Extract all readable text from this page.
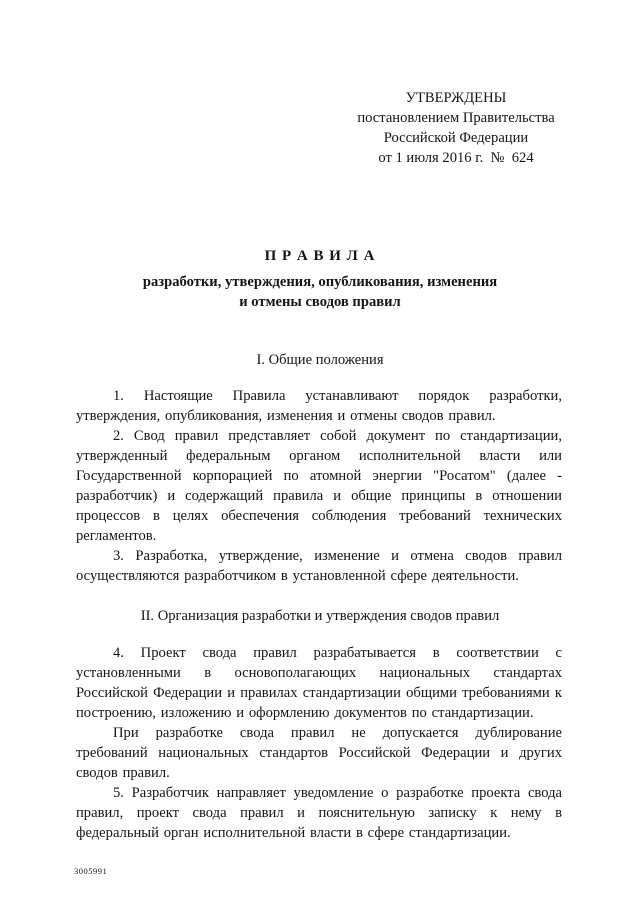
УТВЕРЖДЕНЫ
постановлением Правительства
Российской Федерации
от 1 июля 2016 г.  №  624
П Р А В И Л А
разработки, утверждения, опубликования, изменения
и отмены сводов правил
I. Общие положения

1. Настоящие Правила устанавливают порядок разработки, утверждения, опубликования, изменения и отмены сводов правил.

2. Свод правил представляет собой документ по стандартизации, утвержденный федеральным органом исполнительной власти или Государственной корпорацией по атомной энергии "Росатом" (далее - разработчик) и содержащий правила и общие принципы в отношении процессов в целях обеспечения соблюдения требований технических регламентов.

3. Разработка, утверждение, изменение и отмена сводов правил осуществляются разработчиком в установленной сфере деятельности.

II. Организация разработки и утверждения сводов правил

4. Проект свода правил разрабатывается в соответствии с установленными в основополагающих национальных стандартах Российской Федерации и правилах стандартизации общими требованиями к построению, изложению и оформлению документов по стандартизации.

При разработке свода правил не допускается дублирование требований национальных стандартов Российской Федерации и других сводов правил.

5. Разработчик направляет уведомление о разработке проекта свода правил, проект свода правил и пояснительную записку к нему в федеральный орган исполнительной власти в сфере стандартизации.

3005991
